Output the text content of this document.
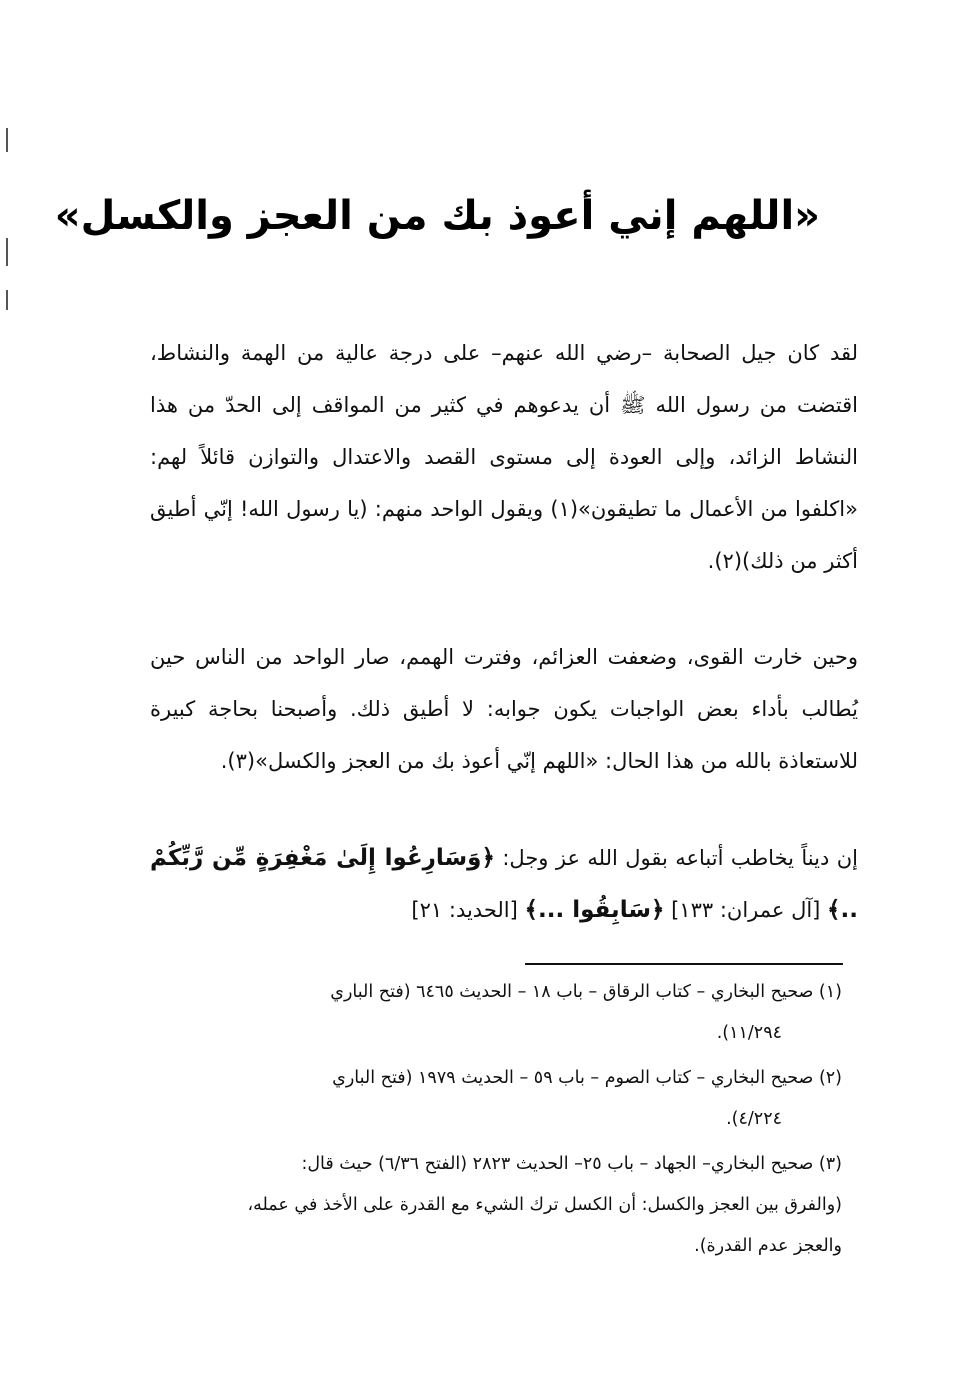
«اللهم إني أعوذ بك من العجز والكسل»

لقد كان جيل الصحابة –رضي الله عنهم– على درجة عالية من الهمة والنشاط، اقتضت من رسول الله ﷺ أن يدعوهم في كثير من المواقف إلى الحدّ من هذا النشاط الزائد، وإلى العودة إلى مستوى القصد والاعتدال والتوازن قائلاً لهم: «اكلفوا من الأعمال ما تطيقون»(١) ويقول الواحد منهم: (يا رسول الله! إنّي أطيق أكثر من ذلك)(٢).

وحين خارت القوى، وضعفت العزائم، وفترت الهمم، صار الواحد من الناس حين يُطالب بأداء بعض الواجبات يكون جوابه: لا أطيق ذلك. وأصبحنا بحاجة كبيرة للاستعاذة بالله من هذا الحال: «اللهم إنّي أعوذ بك من العجز والكسل»(٣).

إن ديناً يخاطب أتباعه بقول الله عز وجل: ﴿وَسَارِعُوا إِلَىٰ مَغْفِرَةٍ مِّن رَّبِّكُمْ ..﴾ [آل عمران: ١٣٣] ﴿سَابِقُوا ...﴾ [الحديد: ٢١]

(١) صحيح البخاري – كتاب الرقاق – باب ١٨ – الحديث ٦٤٦٥ (فتح الباري
١١/٢٩٤).

(٢) صحيح البخاري – كتاب الصوم – باب ٥٩ – الحديث ١٩٧٩ (فتح الباري
٤/٢٢٤).

(٣) صحيح البخاري– الجهاد – باب ٢٥– الحديث ٢٨٢٣ (الفتح ٦/٣٦) حيث قال:
(والفرق بين العجز والكسل: أن الكسل ترك الشيء مع القدرة على الأخذ في عمله،
والعجز عدم القدرة).
